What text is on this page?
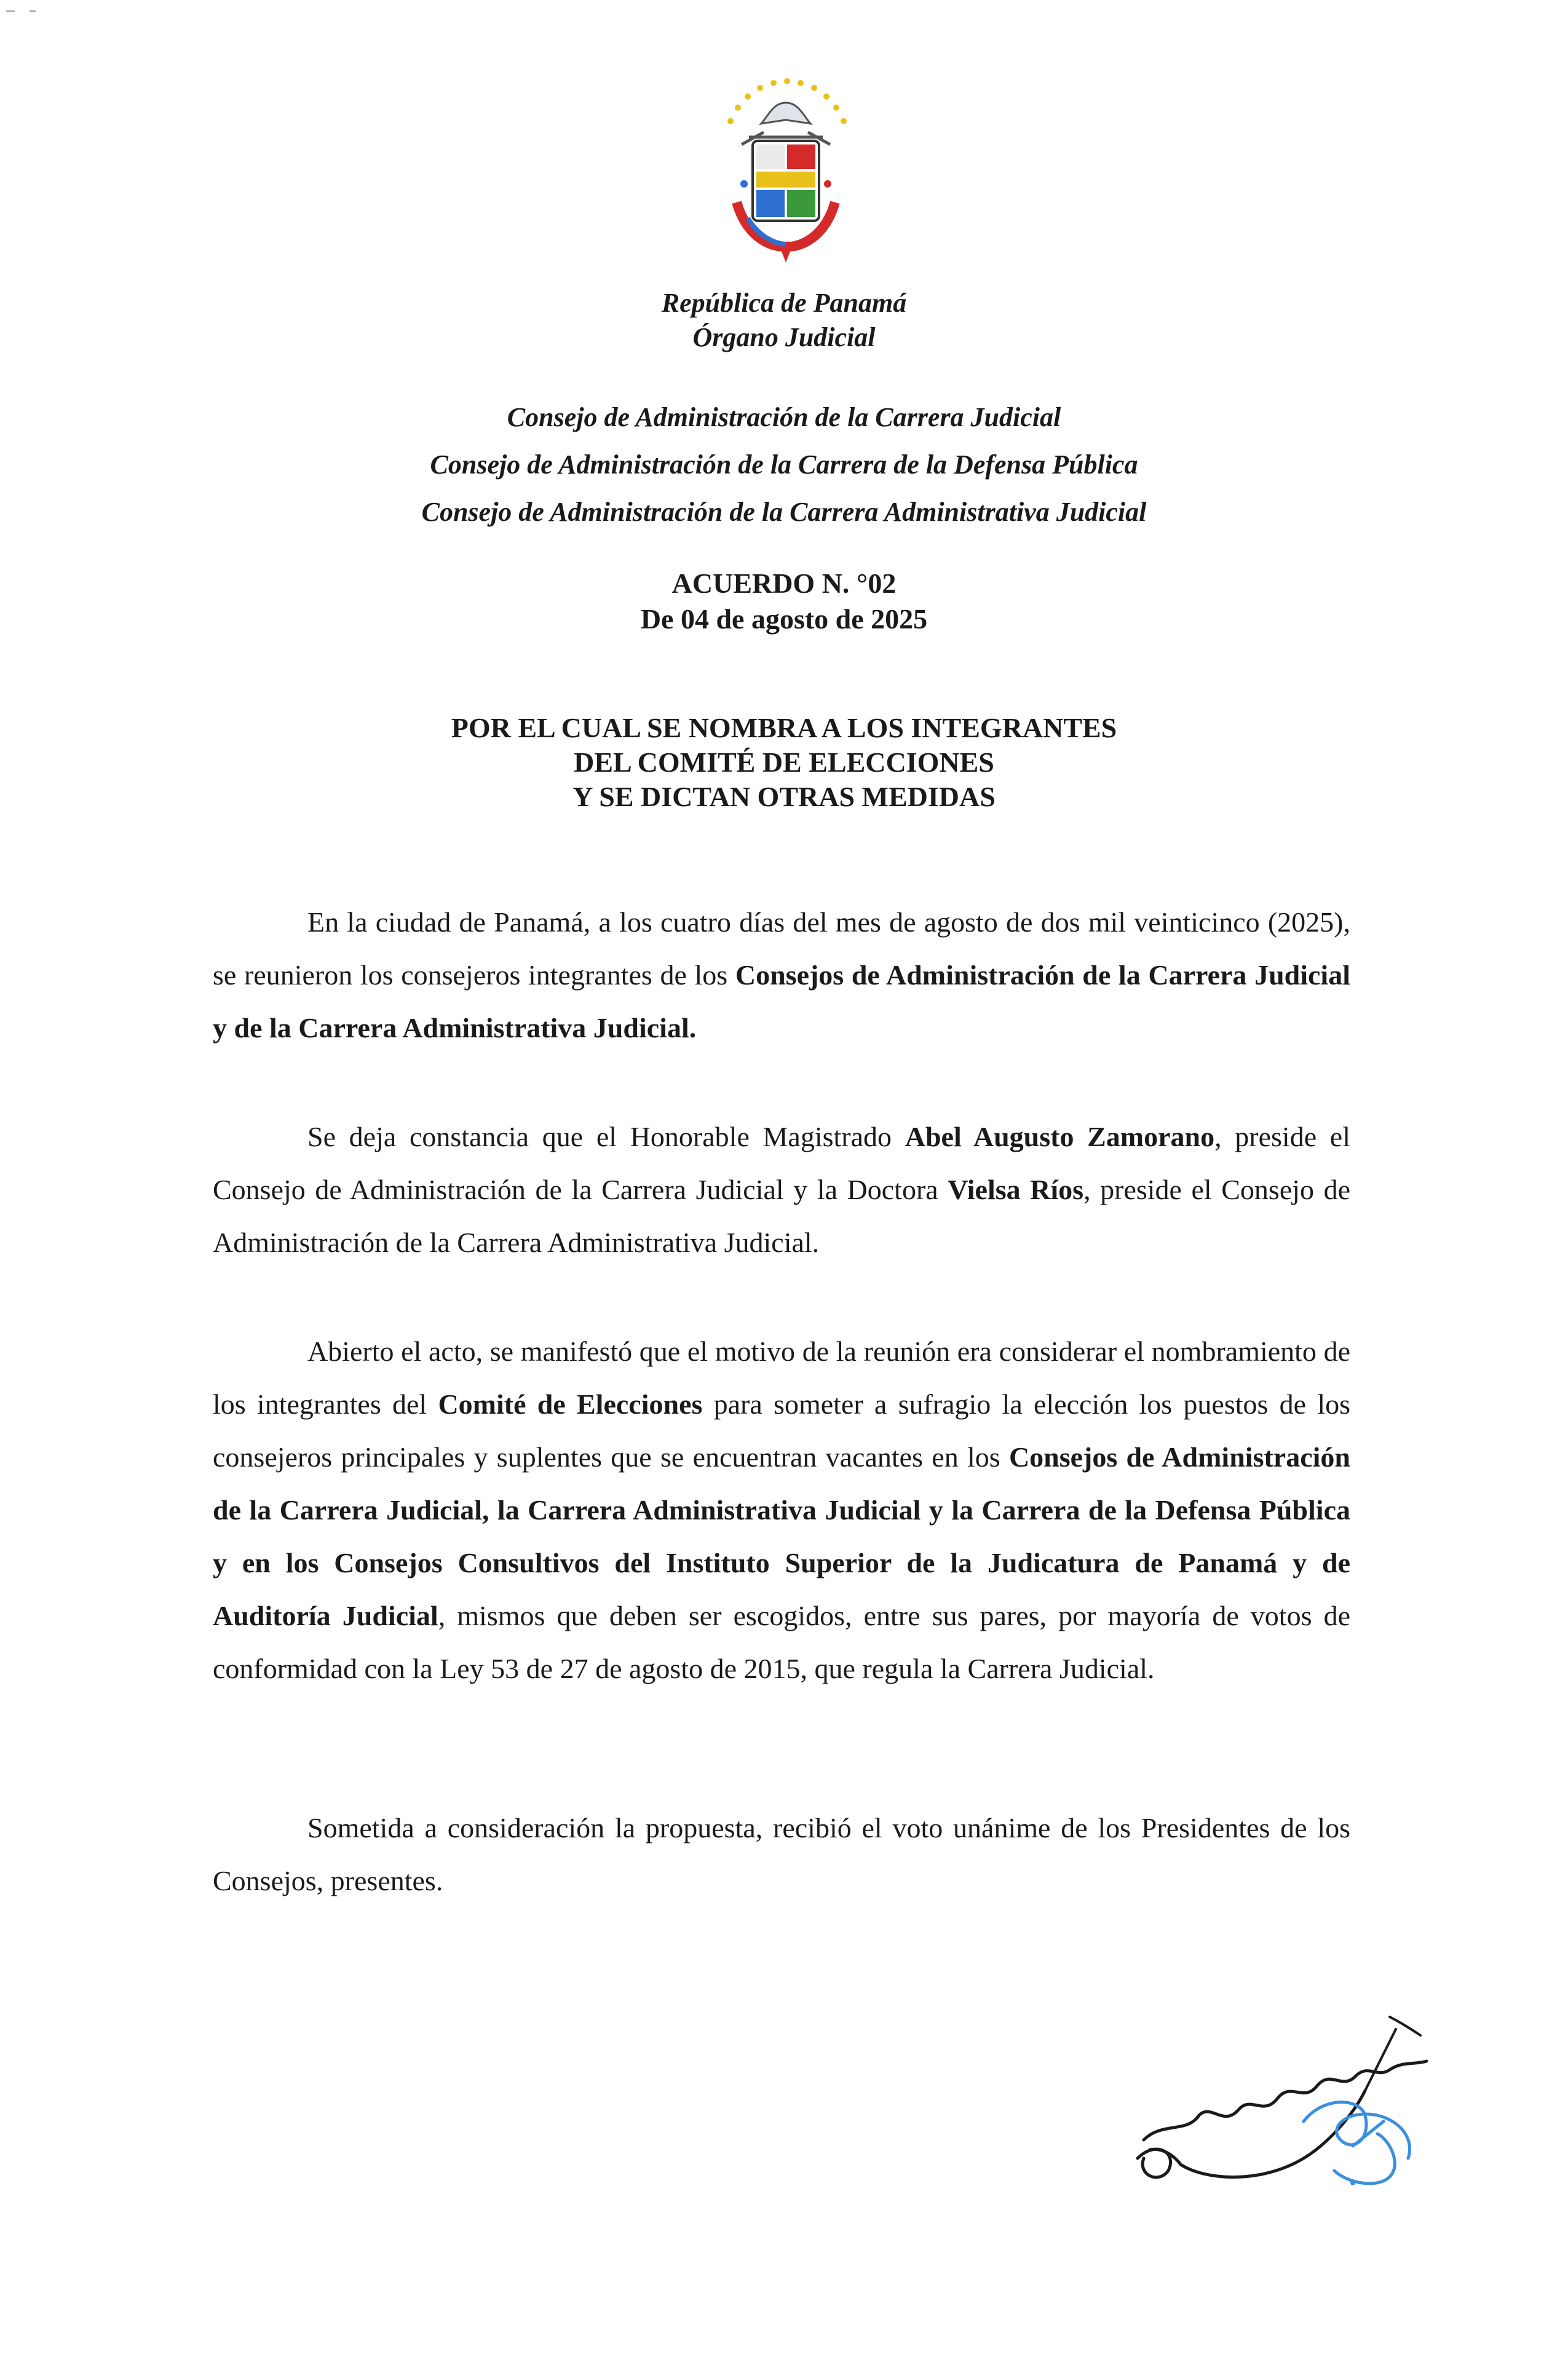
República de Panamá
Órgano Judicial
Consejo de Administración de la Carrera Judicial
Consejo de Administración de la Carrera de la Defensa Pública
Consejo de Administración de la Carrera Administrativa Judicial
ACUERDO N. °02
De 04 de agosto de 2025
POR EL CUAL SE NOMBRA A LOS INTEGRANTES
DEL COMITÉ DE ELECCIONES
Y SE DICTAN OTRAS MEDIDAS
En la ciudad de Panamá, a los cuatro días del mes de agosto de dos mil veinticinco (2025), se reunieron los consejeros integrantes de los Consejos de Administración de la Carrera Judicial y de la Carrera Administrativa Judicial.
Se deja constancia que el Honorable Magistrado Abel Augusto Zamorano, preside el Consejo de Administración de la Carrera Judicial y la Doctora Vielsa Ríos, preside el Consejo de Administración de la Carrera Administrativa Judicial.
Abierto el acto, se manifestó que el motivo de la reunión era considerar el nombramiento de los integrantes del Comité de Elecciones para someter a sufragio la elección los puestos de los consejeros principales y suplentes que se encuentran vacantes en los Consejos de Administración de la Carrera Judicial, la Carrera Administrativa Judicial y la Carrera de la Defensa Pública y en los Consejos Consultivos del Instituto Superior de la Judicatura de Panamá y de Auditoría Judicial, mismos que deben ser escogidos, entre sus pares, por mayoría de votos de conformidad con la Ley 53 de 27 de agosto de 2015, que regula la Carrera Judicial.
Sometida a consideración la propuesta, recibió el voto unánime de los Presidentes de los Consejos, presentes.
